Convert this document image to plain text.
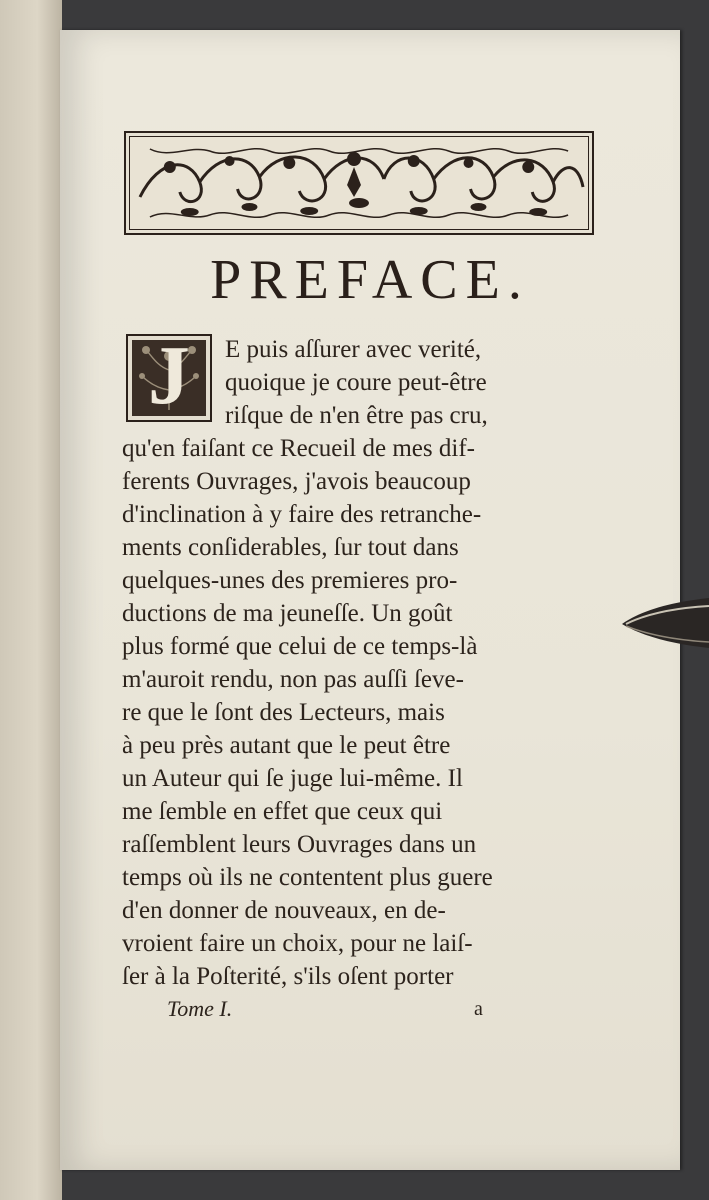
PREFACE.
J	E puis aſſurer avec verité,
quoique je coure peut-être
riſque de n'en être pas cru,
qu'en faiſant ce Recueil de mes dif-
ferents Ouvrages, j'avois beaucoup
d'inclination à y faire des retranche-
ments conſiderables, ſur tout dans
quelques-unes des premieres pro-
ductions de ma jeuneſſe. Un goût
plus formé que celui de ce temps-là
m'auroit rendu, non pas auſſi ſeve-
re que le ſont des Lecteurs, mais
à peu près autant que le peut être
un Auteur qui ſe juge lui-même. Il
me ſemble en effet que ceux qui
raſſemblent leurs Ouvrages dans un
temps où ils ne contentent plus guere
d'en donner de nouveaux, en de-
vroient faire un choix, pour ne laiſ-
ſer à la Poſterité, s'ils oſent porter
Tome I.	a
